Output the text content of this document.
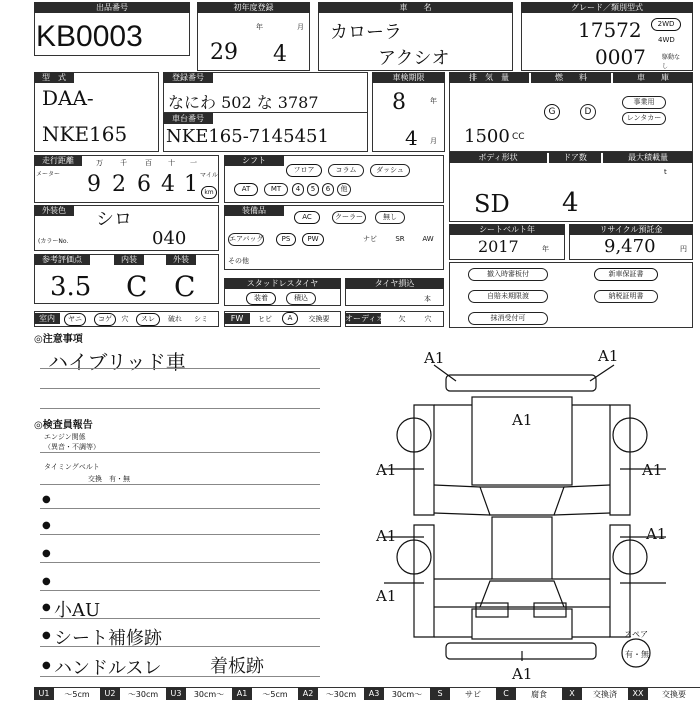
出品番号
KB0003
初年度登録
年	月
29 4
車　　名
カローラ
アクシオ
グレード／類別型式
17572
0007
2WD
4WD
駆動なし
型　式
DAA-
NKE165
登録番号
なにわ 502 な 3787
車台番号
NKE165-7145451
車検期限
8	年
4 月
排　気　量	燃　　料	車　　庫
1500 CC
G	D
事業用
レンタカー
走行距離
メーター
万 千	百 十 一
マイル
9 2 6 4 1	km
シフト
フロア	コラム	ダッシュ
AT	MT	4	5	6	他
ボディ形状	ドア数	最大積載量
SD 4
t
外装色	シロ
(カラーNo.	040
装備品
AC	クーラー	無し
エアバッグ	PS	PW	ナビ	SR	AW
その他
シートベルト年
2017	年
リサイクル預託金
9,470	円
参考評価点	内装	外装
3.5 C C	スタッドレスタイヤ
装着	積込
タイヤ損込
本
撤入時審板付	新車保証書
自賠未期限渡	納税証明書
抹消受付可
室内	ヤニ	コゲ	穴	スレ	破れ	シミ	FW	ヒビ	A	交換要	オーディオ	欠	穴
◎注意事項
ハイブリッド車
◎検査員報告
エンジン関係
（異音・不調等）
タイミングベルト
交換　有・無
●
●
●
●
● 小AU
● シート補修跡
● ハンドルスレ	着板跡
A1	A1
A1
A1	A1
A1	A1
A1
A1
スペア
有・無
U1	～5cm	U2	～30cm	U3	30cm～	A1	～5cm	A2	～30cm	A3	30cm～	S	サビ	C	腐食	X	交換済	XX	交換要
